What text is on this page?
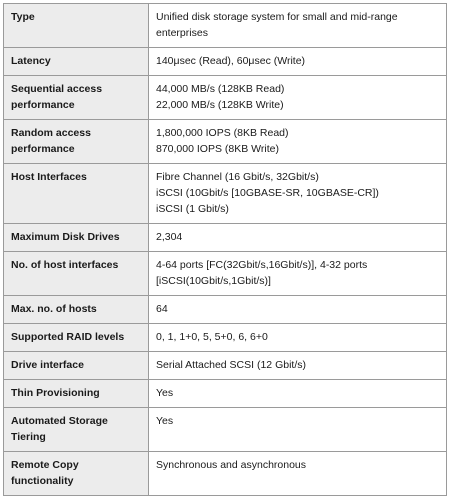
Type	Unified disk storage system for small and mid-range
enterprises

Latency	140μsec (Read), 60μsec (Write)

Sequential access performance	44,000 MB/s (128KB Read)
22,000 MB/s (128KB Write)

Random access performance	1,800,000 IOPS (8KB Read)
870,000 IOPS (8KB Write)

Host Interfaces	Fibre Channel (16 Gbit/s, 32Gbit/s)
iSCSI (10Gbit/s [10GBASE-SR, 10GBASE-CR])
iSCSI (1 Gbit/s)

Maximum Disk Drives	2,304

No. of host interfaces	4-64 ports [FC(32Gbit/s,16Gbit/s)], 4-32 ports
[iSCSI(10Gbit/s,1Gbit/s)]

Max. no. of hosts	64

Supported RAID levels	0, 1, 1+0, 5, 5+0, 6, 6+0

Drive interface	Serial Attached SCSI (12 Gbit/s)

Thin Provisioning	Yes

Automated Storage Tiering	Yes

Remote Copy functionality	Synchronous and asynchronous
